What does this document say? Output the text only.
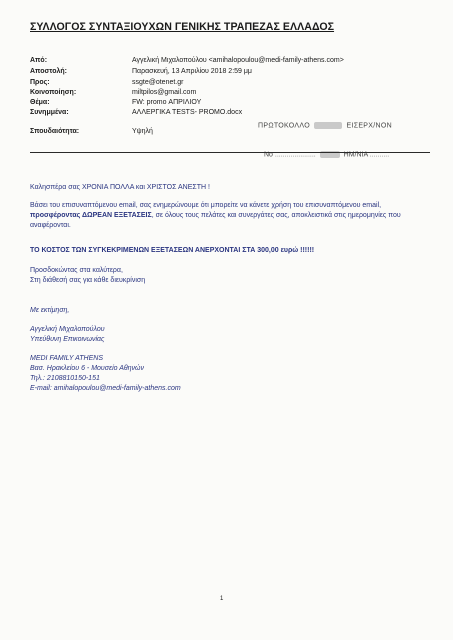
ΣΥΛΛΟΓΟΣ ΣΥΝΤΑΞΙΟΥΧΩΝ ΓΕΝΙΚΗΣ ΤΡΑΠΕΖΑΣ ΕΛΛΑΔΟΣ
Από:	Αγγελική Μιχαλοπούλου <amihalopoulou@medi-family-athens.com>
Αποστολή:	Παρασκευή, 13 Απριλίου 2018 2:59 μμ
Προς:	ssgte@otenet.gr
Κοινοποίηση:	miltpilos@gmail.com
Θέμα:	FW: promo ΑΠΡΙΛΙΟΥ
Συνημμένα:	ΑΛΛΕΡΓΙΚΑ TESTS- PROMO.docx
Σπουδαιότητα:	Υψηλή
ΠΡΩΤΟΚΟΛΛΟ	ΕΙΣΕΡΧ/ΝΟΝ
Νο .....................	ΗΜ/ΝΙΑ ..........
Καλησπέρα σας ΧΡΟΝΙΑ ΠΟΛΛΑ και ΧΡΙΣΤΟΣ ΑΝΕΣΤΗ !
Βάσει του επισυναπτόμενου email, σας ενημερώνουμε ότι μπορείτε να κάνετε χρήση του επισυναπτόμενου email, προσφέροντας ΔΩΡΕΑΝ ΕΞΕΤΑΣΕΙΣ, σε όλους τους πελάτες και συνεργάτες σας, αποκλειστικά στις ημερομηνίες που αναφέρονται.
ΤΟ ΚΟΣΤΟΣ ΤΩΝ ΣΥΓΚΕΚΡΙΜΕΝΩΝ ΕΞΕΤΑΣΕΩΝ ΑΝΕΡΧΟΝΤΑΙ ΣΤΑ 300,00 ευρώ !!!!!!
Προσδοκώντας στα καλύτερα,
Στη διάθεσή σας για κάθε διευκρίνιση
Με εκτίμηση,
Αγγελική Μιχαλοπούλου
Υπεύθυνη Επικοινωνίας
MEDI FAMILY ATHENS
Βασ. Ηρακλείου 6 - Μουσείο Αθηνών
Τηλ.: 2108810150-151
E-mail: amihalopoulou@medi-family-athens.com
1
